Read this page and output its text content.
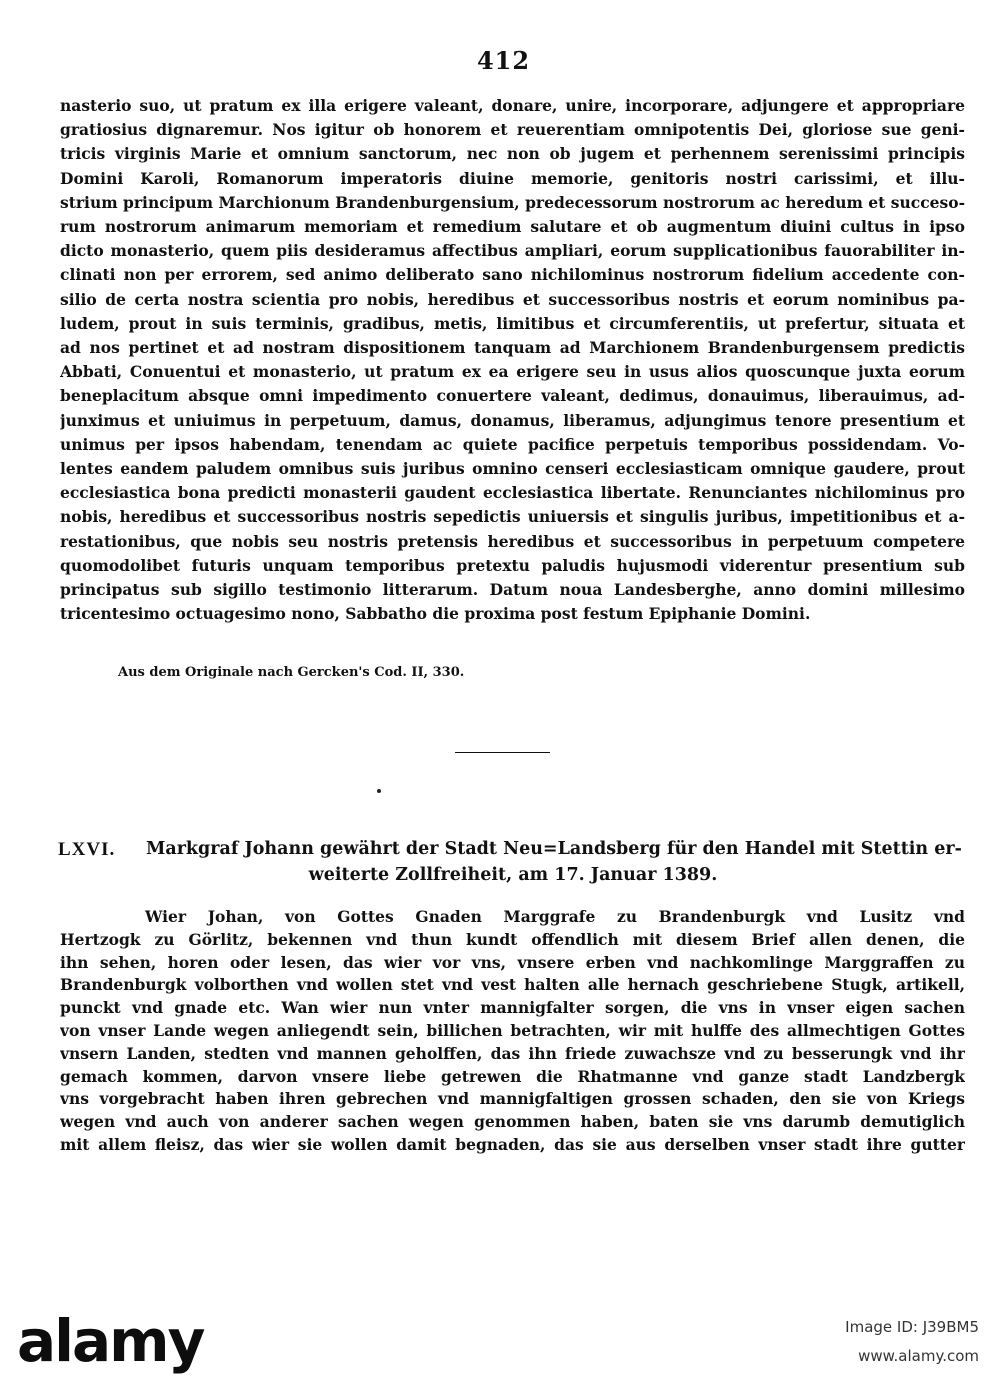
412
nasterio suo, ut pratum ex illa erigere valeant, donare, unire, incorporare, adjungere et appropriare
gratiosius dignaremur. Nos igitur ob honorem et reuerentiam omnipotentis Dei, gloriose sue geni-
tricis virginis Marie et omnium sanctorum, nec non ob jugem et perhennem serenissimi principis
Domini Karoli, Romanorum imperatoris diuine memorie, genitoris nostri carissimi, et illu-
strium principum Marchionum Brandenburgensium, predecessorum nostrorum ac heredum et succeso-
rum nostrorum animarum memoriam et remedium salutare et ob augmentum diuini cultus in ipso
dicto monasterio, quem piis desideramus affectibus ampliari, eorum supplicationibus fauorabiliter in-
clinati non per errorem, sed animo deliberato sano nichilominus nostrorum fidelium accedente con-
silio de certa nostra scientia pro nobis, heredibus et successoribus nostris et eorum nominibus pa-
ludem, prout in suis terminis, gradibus, metis, limitibus et circumferentiis, ut prefertur, situata et
ad nos pertinet et ad nostram dispositionem tanquam ad Marchionem Brandenburgensem predictis
Abbati, Conuentui et monasterio, ut pratum ex ea erigere seu in usus alios quoscunque juxta eorum
beneplacitum absque omni impedimento conuertere valeant, dedimus, donauimus, liberauimus, ad-
junximus et uniuimus in perpetuum, damus, donamus, liberamus, adjungimus tenore presentium et
unimus per ipsos habendam, tenendam ac quiete pacifice perpetuis temporibus possidendam. Vo-
lentes eandem paludem omnibus suis juribus omnino censeri ecclesiasticam omnique gaudere, prout
ecclesiastica bona predicti monasterii gaudent ecclesiastica libertate. Renunciantes nichilominus pro
nobis, heredibus et successoribus nostris sepedictis uniuersis et singulis juribus, impetitionibus et a-
restationibus, que nobis seu nostris pretensis heredibus et successoribus in perpetuum competere
quomodolibet futuris unquam temporibus pretextu paludis hujusmodi viderentur presentium sub
principatus sub sigillo testimonio litterarum. Datum noua Landesberghe, anno domini millesimo
tricentesimo octuagesimo nono, Sabbatho die proxima post festum Epiphanie Domini.
Aus dem Originale nach Gercken's Cod. II, 330.
LXVI. Markgraf Johann gewährt der Stadt Neu=Landsberg für den Handel mit Stettin er-
weiterte Zollfreiheit, am 17. Januar 1389.
Wier Johan, von Gottes Gnaden Marggrafe zu Brandenburgk vnd Lusitz vnd
Hertzogk zu Görlitz, bekennen vnd thun kundt offendlich mit diesem Brief allen denen, die
ihn sehen, horen oder lesen, das wier vor vns, vnsere erben vnd nachkomlinge Marggraffen zu
Brandenburgk volborthen vnd wollen stet vnd vest halten alle hernach geschriebene Stugk, artikell,
punckt vnd gnade etc. Wan wier nun vnter mannigfalter sorgen, die vns in vnser eigen sachen
von vnser Lande wegen anliegendt sein, billichen betrachten, wir mit hulffe des allmechtigen Gottes
vnsern Landen, stedten vnd mannen geholffen, das ihn friede zuwachsze vnd zu besserungk vnd ihr
gemach kommen, darvon vnsere liebe getrewen die Rhatmanne vnd ganze stadt Landzbergk
vns vorgebracht haben ihren gebrechen vnd mannigfaltigen grossen schaden, den sie von Kriegs
wegen vnd auch von anderer sachen wegen genommen haben, baten sie vns darumb demutiglich
mit allem fleisz, das wier sie wollen damit begnaden, das sie aus derselben vnser stadt ihre gutter
alamy	Image ID: J39BM5
www.alamy.com
